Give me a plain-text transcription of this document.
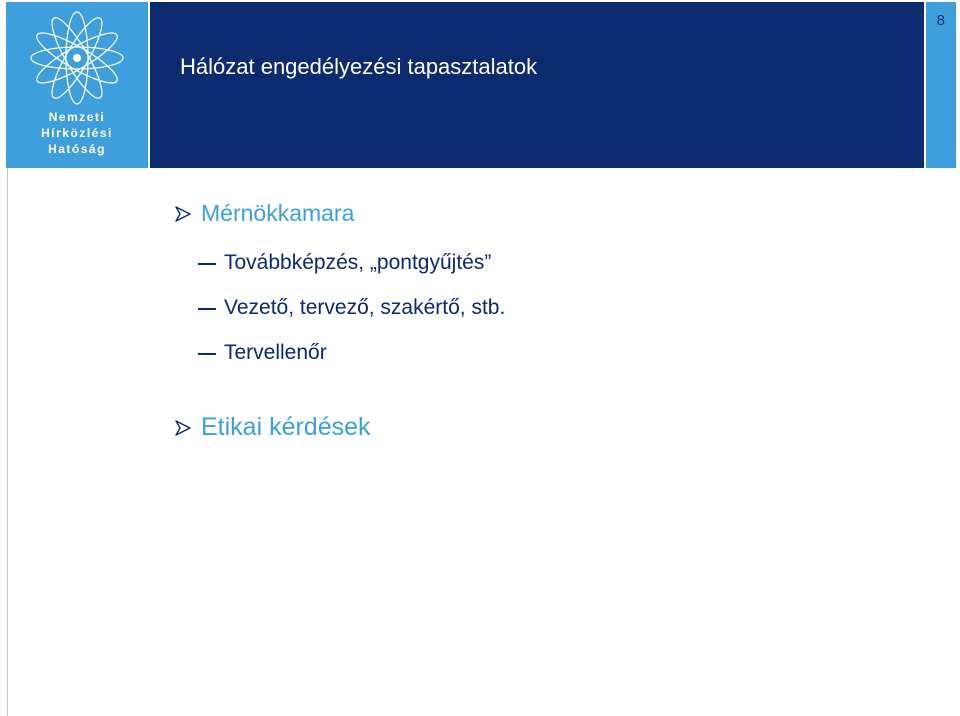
Nemzeti
Hírközlési
Hatóság
Hálózat engedélyezési tapasztalatok
8
Mérnökkamara
Továbbképzés, „pontgyűjtés”
Vezető, tervező, szakértő, stb.
Tervellenőr
Etikai kérdések
